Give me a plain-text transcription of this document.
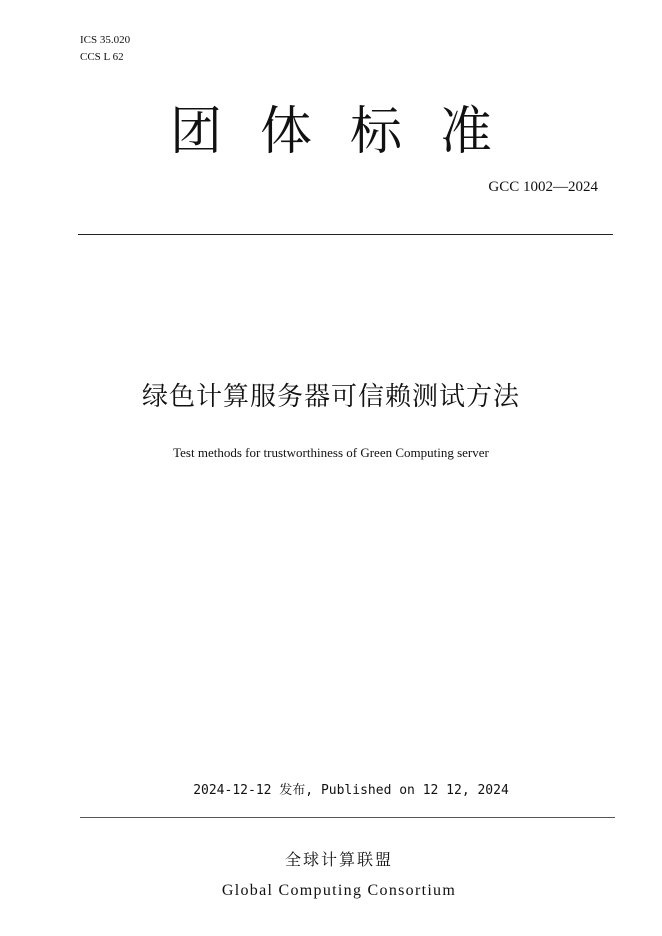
ICS 35.020
CCS L 62
团体标准
GCC 1002—2024
绿色计算服务器可信赖测试方法
Test methods for trustworthiness of Green Computing server
2024-12-12 发布, Published on 12 12, 2024
全球计算联盟
Global Computing Consortium
